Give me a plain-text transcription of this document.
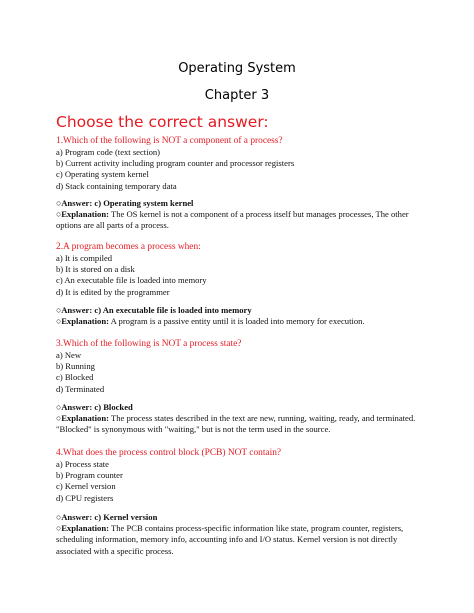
Operating System
Chapter 3
Choose the correct answer:

1.Which of the following is NOT a component of a process?

a) Program code (text section)

b) Current activity including program counter and processor registers

c) Operating system kernel

d) Stack containing temporary data

○Answer: c) Operating system kernel

○Explanation: The OS kernel is not a component of a process itself but manages processes, The other options are all parts of a process.

2.A program becomes a process when:

a) It is compiled

b) It is stored on a disk

c) An executable file is loaded into memory

d) It is edited by the programmer

○Answer: c) An executable file is loaded into memory

○Explanation: A program is a passive entity until it is loaded into memory for execution.

3.Which of the following is NOT a process state?

a) New

b) Running

c) Blocked

d) Terminated

○Answer: c) Blocked

○Explanation: The process states described in the text are new, running, waiting, ready, and terminated. "Blocked" is synonymous with "waiting," but is not the term used in the source.

4.What does the process control block (PCB) NOT contain?

a) Process state

b) Program counter

c) Kernel version

d) CPU registers

○Answer: c) Kernel version

○Explanation: The PCB contains process-specific information like state, program counter, registers, scheduling information, memory info, accounting info and I/O status. Kernel version is not directly associated with a specific process.
